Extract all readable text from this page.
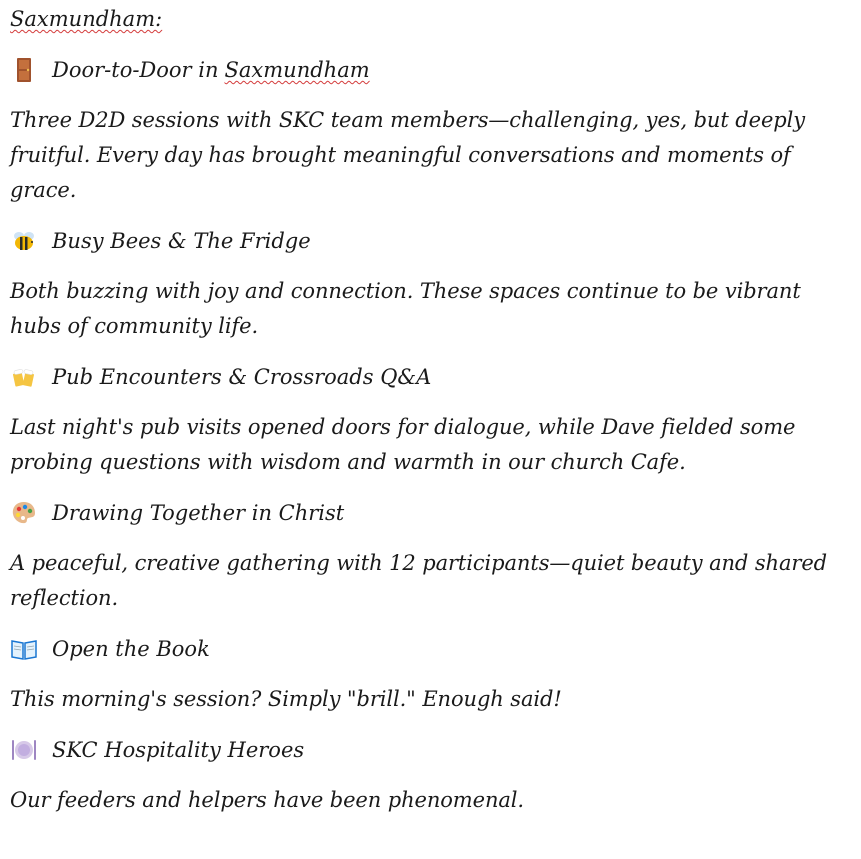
Saxmundham:

Door-to-Door in Saxmundham

Three D2D sessions with SKC team members—challenging, yes, but deeply fruitful. Every day has brought meaningful conversations and moments of grace.

Busy Bees & The Fridge

Both buzzing with joy and connection. These spaces continue to be vibrant hubs of community life.

Pub Encounters & Crossroads Q&A

Last night's pub visits opened doors for dialogue, while Dave fielded some probing questions with wisdom and warmth in our church Cafe.

Drawing Together in Christ

A peaceful, creative gathering with 12 participants—quiet beauty and shared reflection.

Open the Book

This morning's session? Simply "brill." Enough said!

SKC Hospitality Heroes

Our feeders and helpers have been phenomenal.
